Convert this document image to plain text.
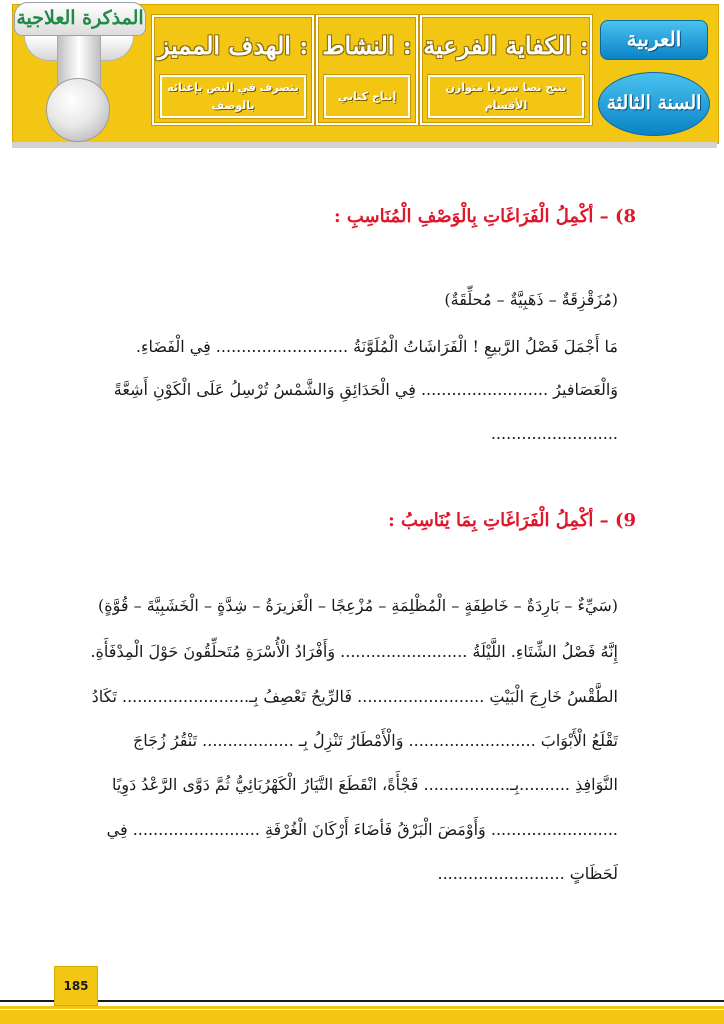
المذكرة العلاجية
الهدف المميز :
يتصرف في النص بإغنائه بالوصف
النشاط :
إنتاج كتابي
الكفاية الفرعية :
ينتج نصا سرديا متوازن الأقسام
العربية
السنة الثالثة
8) – أكْمِلُ الْفَرَاغَاتِ بِالْوَصْفِ الْمُنَاسِبِ :
(مُزَقْزِقَةٌ – ذَهَبِيَّةٌ – مُحلِّقَةٌ)
مَا أَجْمَلَ فَصْلُ الرَّبيعِ ! الْفَرَاشَاتُ الْمُلَوَّنَةُ .......................... فِي الْفَضَاءِ.
وَالْعَصَافيرُ ......................... فِي الْحَدَائِقِ وَالشَّمْسُ تُرْسِلُ عَلَى الْكَوْنِ أَشِعَّةً
.........................
9) – أكْمِلُ الْفَرَاغَاتِ بِمَا يُنَاسِبُ :
(سَيِّءٌ – بَارِدَةٌ – خَاطِفَةٍ – الْمُظْلِمَةِ – مُزْعِجًا – الْغَزيرَةُ – شِدَّةٍ – الْخَشَبِيَّةَ – قُوَّةٍ)
إِنَّهُ فَصْلُ الشِّتَاءِ. اللَّيْلَةُ ......................... وَأَفْرَادُ الْأُسْرَةِ مُتَحلِّقُونَ حَوْلَ الْمِدْفَأَةِ.
الطَّقْسُ خَارِجَ الْبَيْتِ ......................... فَالرِّيحُ تَعْصِفُ بِـ......................... تَكَادُ
تَقْلَعُ الْأَبْوَابَ ......................... وَالْأَمْطَارُ تَنْزِلُ بِـ .................. تَنْقُرُ زُجَاجَ
النَّوَافِذِ ..........بِـ................. فَجْأَةً، انْقَطَعَ التَّيَارُ الْكَهْرُبَائِيُّ ثُمَّ دَوَّى الرَّعْدُ دَوِيًا
......................... وَأَوْمَضَ الْبَرْقُ فَأضَاءَ أَرْكَانَ الْغُرْفَةِ ......................... فِي
لَحَظَاتٍ .........................
185
